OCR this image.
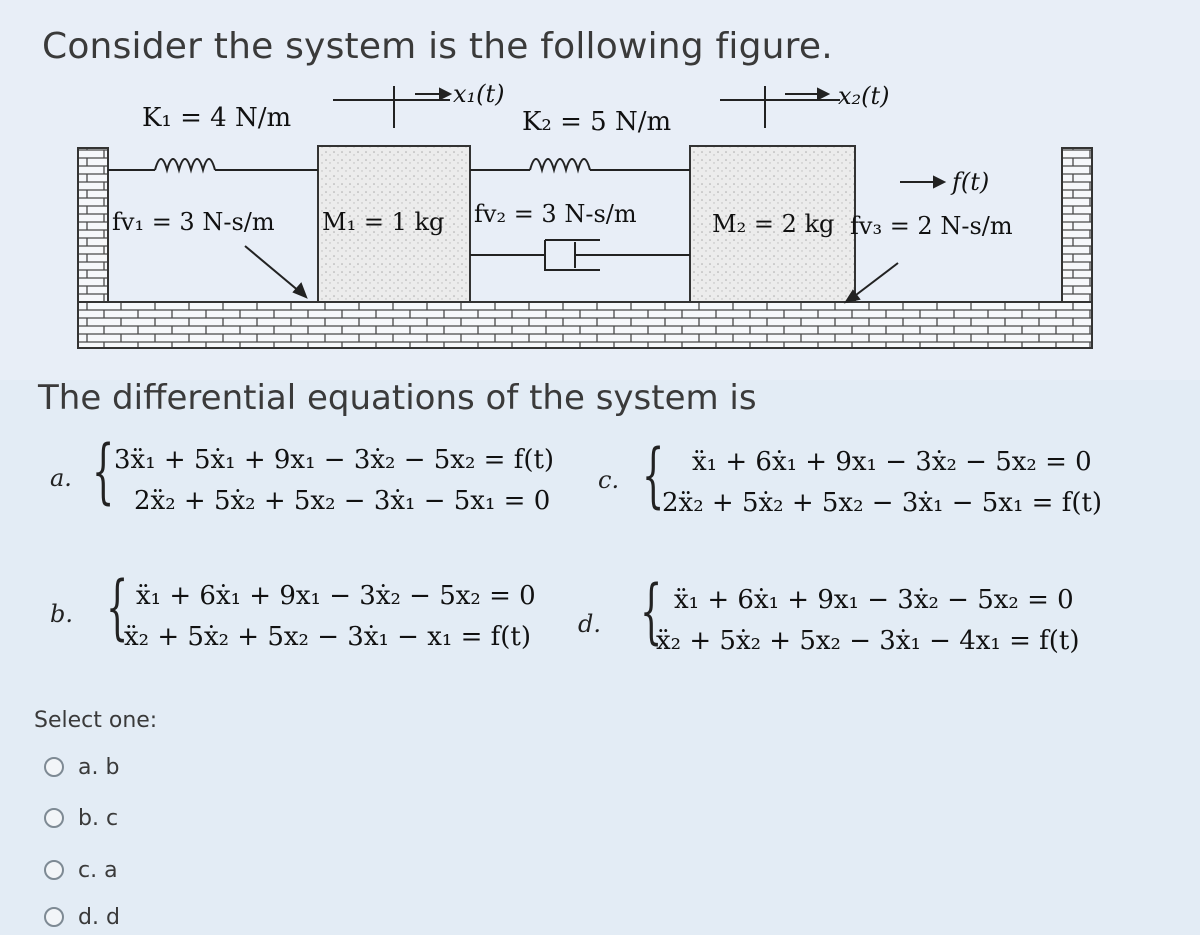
Consider the system is the following figure.
K₁ = 4 N/m	K₂ = 5 N/m
x₁(t)	x₂(t)
f(t)
fv₁ = 3 N-s/m M₁ = 1 kg fv₂ = 3 N-s/m	M₂ = 2 kg fv₃ = 2 N-s/m
The differential equations of the system is
a. { 3ẍ₁ + 5ẋ₁ + 9x₁ − 3ẋ₂ − 5x₂ = f(t)
2ẍ₂ + 5ẋ₂ + 5x₂ − 3ẋ₁ − 5x₁ = 0
c. {	ẍ₁ + 6ẋ₁ + 9x₁ − 3ẋ₂ − 5x₂ = 0
2ẍ₂ + 5ẋ₂ + 5x₂ − 3ẋ₁ − 5x₁ = f(t)
b. { ẍ₁ + 6ẋ₁ + 9x₁ − 3ẋ₂ − 5x₂ = 0
ẍ₂ + 5ẋ₂ + 5x₂ − 3ẋ₁ − x₁ = f(t) d. { ẍ₁ + 6ẋ₁ + 9x₁ − 3ẋ₂ − 5x₂ = 0
ẍ₂ + 5ẋ₂ + 5x₂ − 3ẋ₁ − 4x₁ = f(t)
Select one:
a. b
b. c
c. a
d. d
